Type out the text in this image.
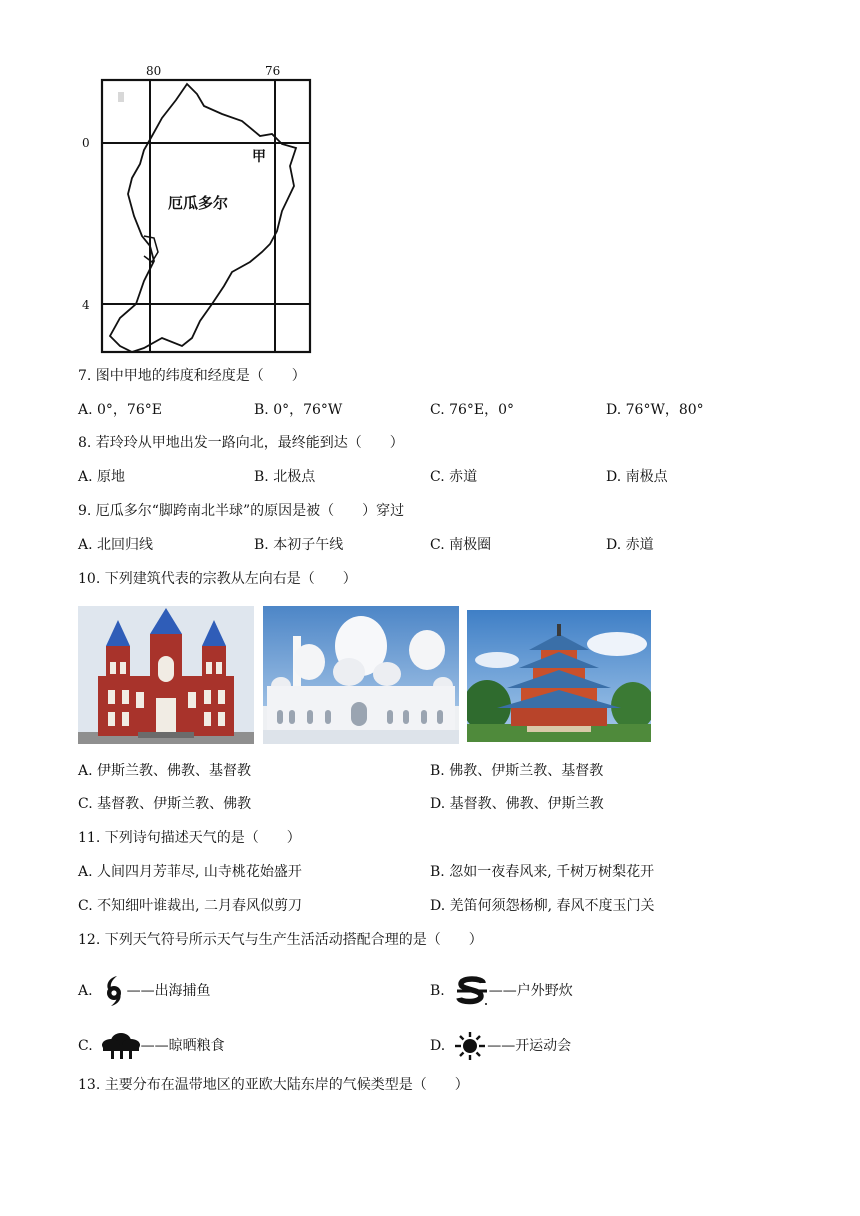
80	76
0
4
厄瓜多尔
甲
7. 图中甲地的纬度和经度是（　　）
A. 0°，76°E	B. 0°，76°W	C. 76°E，0°	D. 76°W，80°
8. 若玲玲从甲地出发一路向北，最终能到达（　　）
A. 原地	B. 北极点	C. 赤道	D. 南极点
9. 厄瓜多尔“脚跨南北半球”的原因是被（　　）穿过
A. 北回归线	B. 本初子午线	C. 南极圈	D. 赤道
10. 下列建筑代表的宗教从左向右是（　　）
A. 伊斯兰教、佛教、基督教	B. 佛教、伊斯兰教、基督教
C. 基督教、伊斯兰教、佛教	D. 基督教、佛教、伊斯兰教
11. 下列诗句描述天气的是（　　）
A. 人间四月芳菲尽, 山寺桃花始盛开	B. 忽如一夜春风来, 千树万树梨花开
C. 不知细叶谁裁出, 二月春风似剪刀	D. 羌笛何须怨杨柳, 春风不度玉门关
12. 下列天气符号所示天气与生产生活活动搭配合理的是（　　）
A. ——出海捕鱼	B.	——户外野炊
C.	——晾晒粮食	D.	——开运动会
13. 主要分布在温带地区的亚欧大陆东岸的气候类型是（　　）
